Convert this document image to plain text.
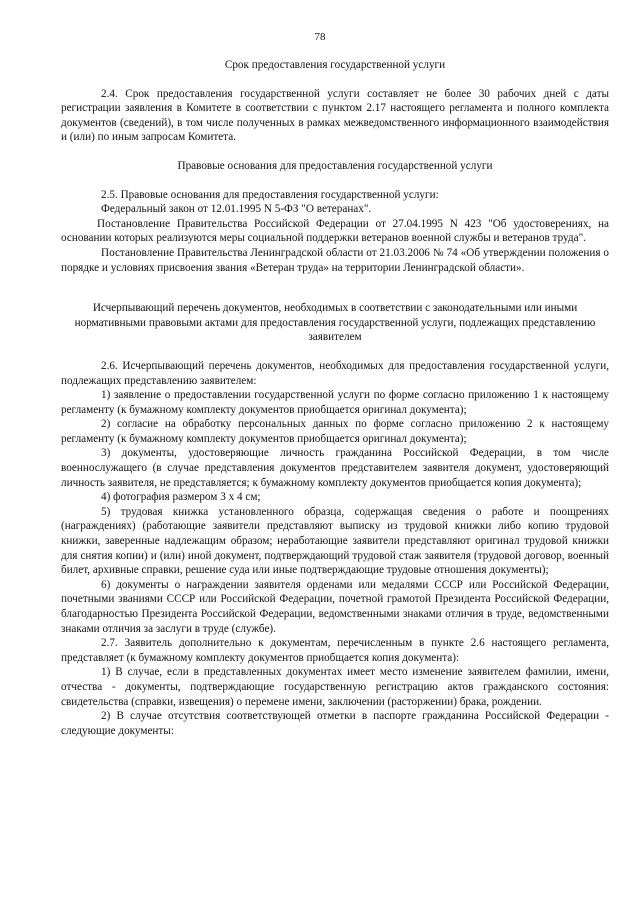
78

Срок предоставления государственной услуги

2.4. Срок предоставления государственной услуги составляет не более 30 рабочих дней с даты регистрации заявления в Комитете в соответствии с пунктом 2.17 настоящего регламента и полного комплекта документов (сведений), в том числе полученных в рамках межведомственного информационного взаимодействия и (или) по иным запросам Комитета.

Правовые основания для предоставления государственной услуги

2.5. Правовые основания для предоставления государственной услуги:

Федеральный закон от 12.01.1995 N 5-ФЗ "О ветеранах".

Постановление Правительства Российской Федерации от 27.04.1995 N 423 "Об удостоверениях, на основании которых реализуются меры социальной поддержки ветеранов военной службы и ветеранов труда".

Постановление Правительства Ленинградской области от 21.03.2006 № 74 «Об утверждении положения о порядке и условиях присвоения звания «Ветеран труда» на территории Ленинградской области».

Исчерпывающий перечень документов, необходимых в соответствии с законодательными или иными нормативными правовыми актами для предоставления государственной услуги, подлежащих представлению заявителем

2.6. Исчерпывающий перечень документов, необходимых для предоставления государственной услуги, подлежащих представлению заявителем:

1) заявление о предоставлении государственной услуги по форме согласно приложению 1 к настоящему регламенту (к бумажному комплекту документов приобщается оригинал документа);

2) согласие на обработку персональных данных по форме согласно приложению 2 к настоящему регламенту (к бумажному комплекту документов приобщается оригинал документа);

3) документы, удостоверяющие личность гражданина Российской Федерации, в том числе военнослужащего (в случае представления документов представителем заявителя документ, удостоверяющий личность заявителя, не представляется; к бумажному комплекту документов приобщается копия документа);

4) фотография размером 3 х 4 см;

5) трудовая книжка установленного образца, содержащая сведения о работе и поощрениях (награждениях) (работающие заявители представляют выписку из трудовой книжки либо копию трудовой книжки, заверенные надлежащим образом; неработающие заявители представляют оригинал трудовой книжки для снятия копии) и (или) иной документ, подтверждающий трудовой стаж заявителя (трудовой договор, военный билет, архивные справки, решение суда или иные подтверждающие трудовые отношения документы);

6) документы о награждении заявителя орденами или медалями СССР или Российской Федерации, почетными званиями СССР или Российской Федерации, почетной грамотой Президента Российской Федерации, благодарностью Президента Российской Федерации, ведомственными знаками отличия в труде, ведомственными знаками отличия за заслуги в труде (службе).

2.7. Заявитель дополнительно к документам, перечисленным в пункте 2.6 настоящего регламента, представляет (к бумажному комплекту документов приобщается копия документа):

1) В случае, если в представленных документах имеет место изменение заявителем фамилии, имени, отчества - документы, подтверждающие государственную регистрацию актов гражданского состояния: свидетельства (справки, извещения) о перемене имени, заключении (расторжении) брака, рождении.

2) В случае отсутствия соответствующей отметки в паспорте гражданина Российской Федерации - следующие документы:
